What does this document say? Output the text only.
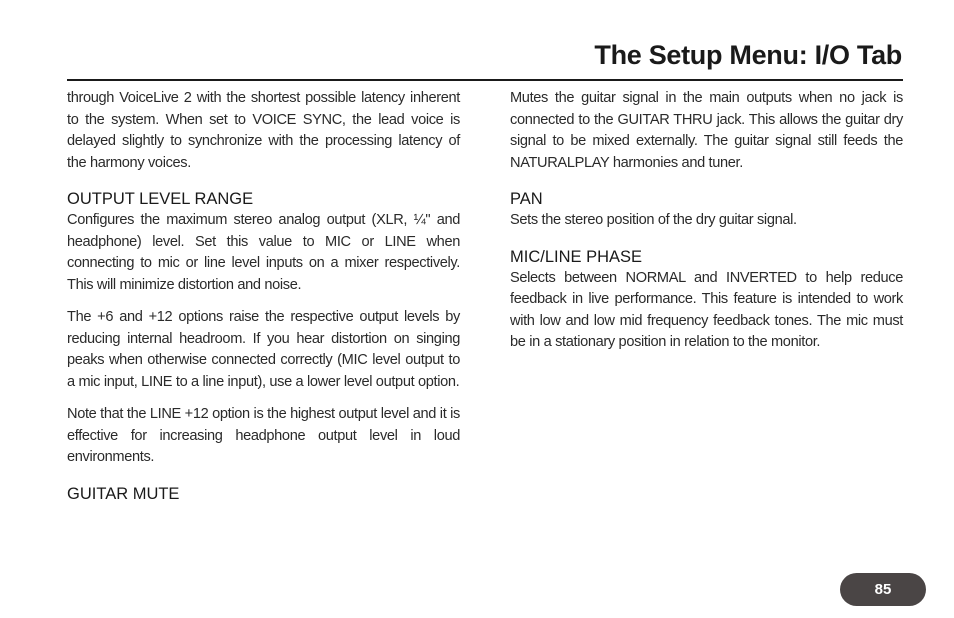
The Setup Menu: I/O Tab

through VoiceLive 2 with the shortest possible latency inherent to the system. When set to VOICE SYNC, the lead voice is delayed slightly to synchronize with the processing latency of the harmony voices.

OUTPUT LEVEL RANGE

Configures the maximum stereo analog output (XLR, ¼" and headphone) level. Set this value to MIC or LINE when connecting to mic or line level inputs on a mixer respectively. This will minimize distortion and noise.

The +6 and +12 options raise the respective output levels by reducing internal headroom. If you hear distortion on singing peaks when otherwise connected correctly (MIC level output to a mic input, LINE to a line input), use a lower level output option.

Note that the LINE +12 option is the highest output level and it is effective for increasing headphone output level in loud environments.

GUITAR MUTE

Mutes the guitar signal in the main outputs when no jack is connected to the GUITAR THRU jack. This allows the guitar dry signal to be mixed externally. The guitar signal still feeds the NATURALPLAY harmonies and tuner.

PAN

Sets the stereo position of the dry guitar signal.

MIC/LINE PHASE

Selects between NORMAL and INVERTED to help reduce feedback in live performance. This feature is intended to work with low and low mid frequency feedback tones. The mic must be in a stationary position in relation to the monitor.

85
